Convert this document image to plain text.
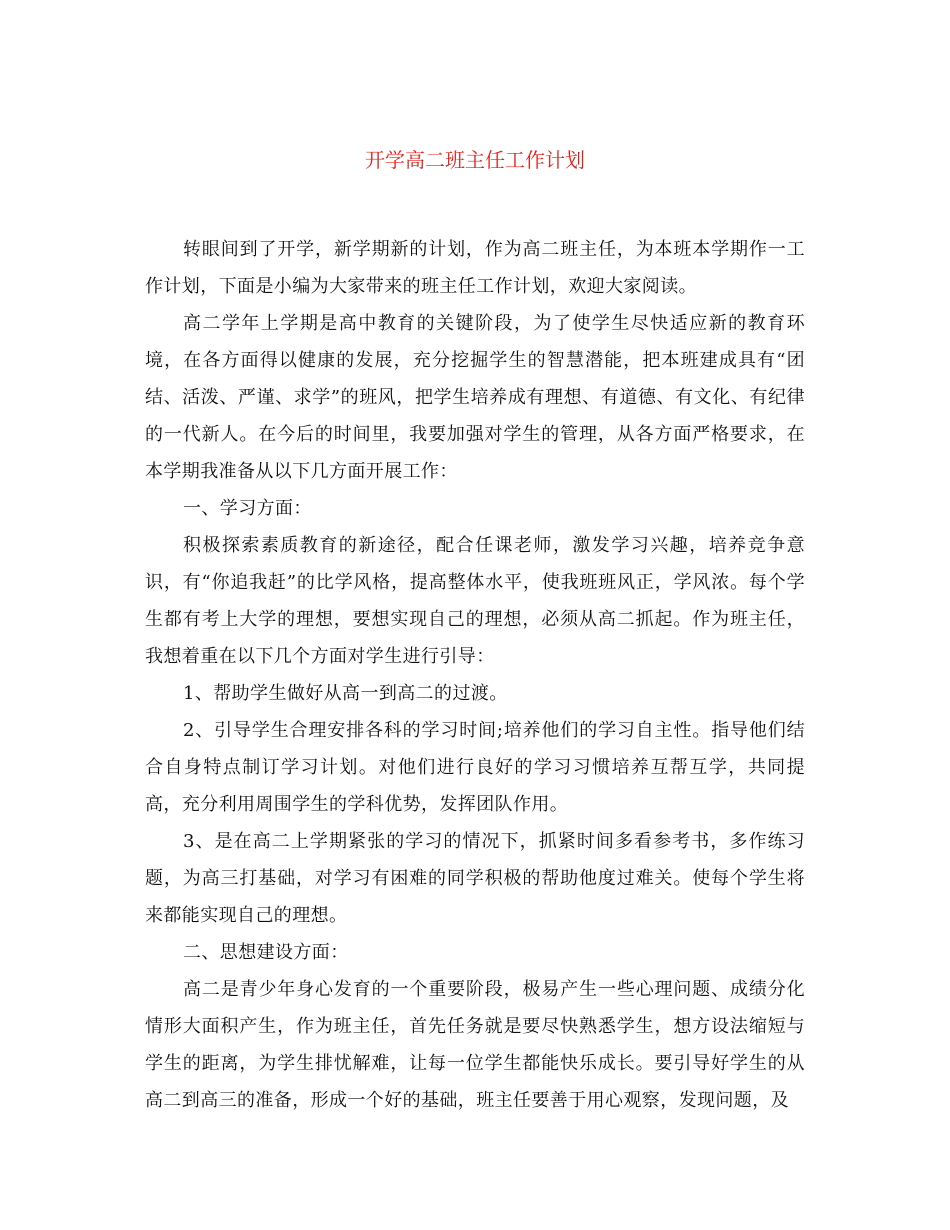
开学高二班主任工作计划

转眼间到了开学，新学期新的计划，作为高二班主任，为本班本学期作一工作计划，下面是小编为大家带来的班主任工作计划，欢迎大家阅读。

高二学年上学期是高中教育的关键阶段，为了使学生尽快适应新的教育环境，在各方面得以健康的发展，充分挖掘学生的智慧潜能，把本班建成具有“团结、活泼、严谨、求学”的班风，把学生培养成有理想、有道德、有文化、有纪律的一代新人。在今后的时间里，我要加强对学生的管理，从各方面严格要求，在本学期我准备从以下几方面开展工作：

一、学习方面：

积极探索素质教育的新途径，配合任课老师，激发学习兴趣，培养竞争意识，有“你追我赶”的比学风格，提高整体水平，使我班班风正，学风浓。每个学生都有考上大学的理想，要想实现自己的理想，必须从高二抓起。作为班主任，我想着重在以下几个方面对学生进行引导：

1、帮助学生做好从高一到高二的过渡。

2、引导学生合理安排各科的学习时间;培养他们的学习自主性。指导他们结合自身特点制订学习计划。对他们进行良好的学习习惯培养互帮互学，共同提高，充分利用周围学生的学科优势，发挥团队作用。

3、是在高二上学期紧张的学习的情况下，抓紧时间多看参考书，多作练习题，为高三打基础，对学习有困难的同学积极的帮助他度过难关。使每个学生将来都能实现自己的理想。

二、思想建设方面：

高二是青少年身心发育的一个重要阶段，极易产生一些心理问题、成绩分化情形大面积产生，作为班主任，首先任务就是要尽快熟悉学生，想方设法缩短与学生的距离，为学生排忧解难，让每一位学生都能快乐成长。要引导好学生的从高二到高三的准备，形成一个好的基础，班主任要善于用心观察，发现问题，及
